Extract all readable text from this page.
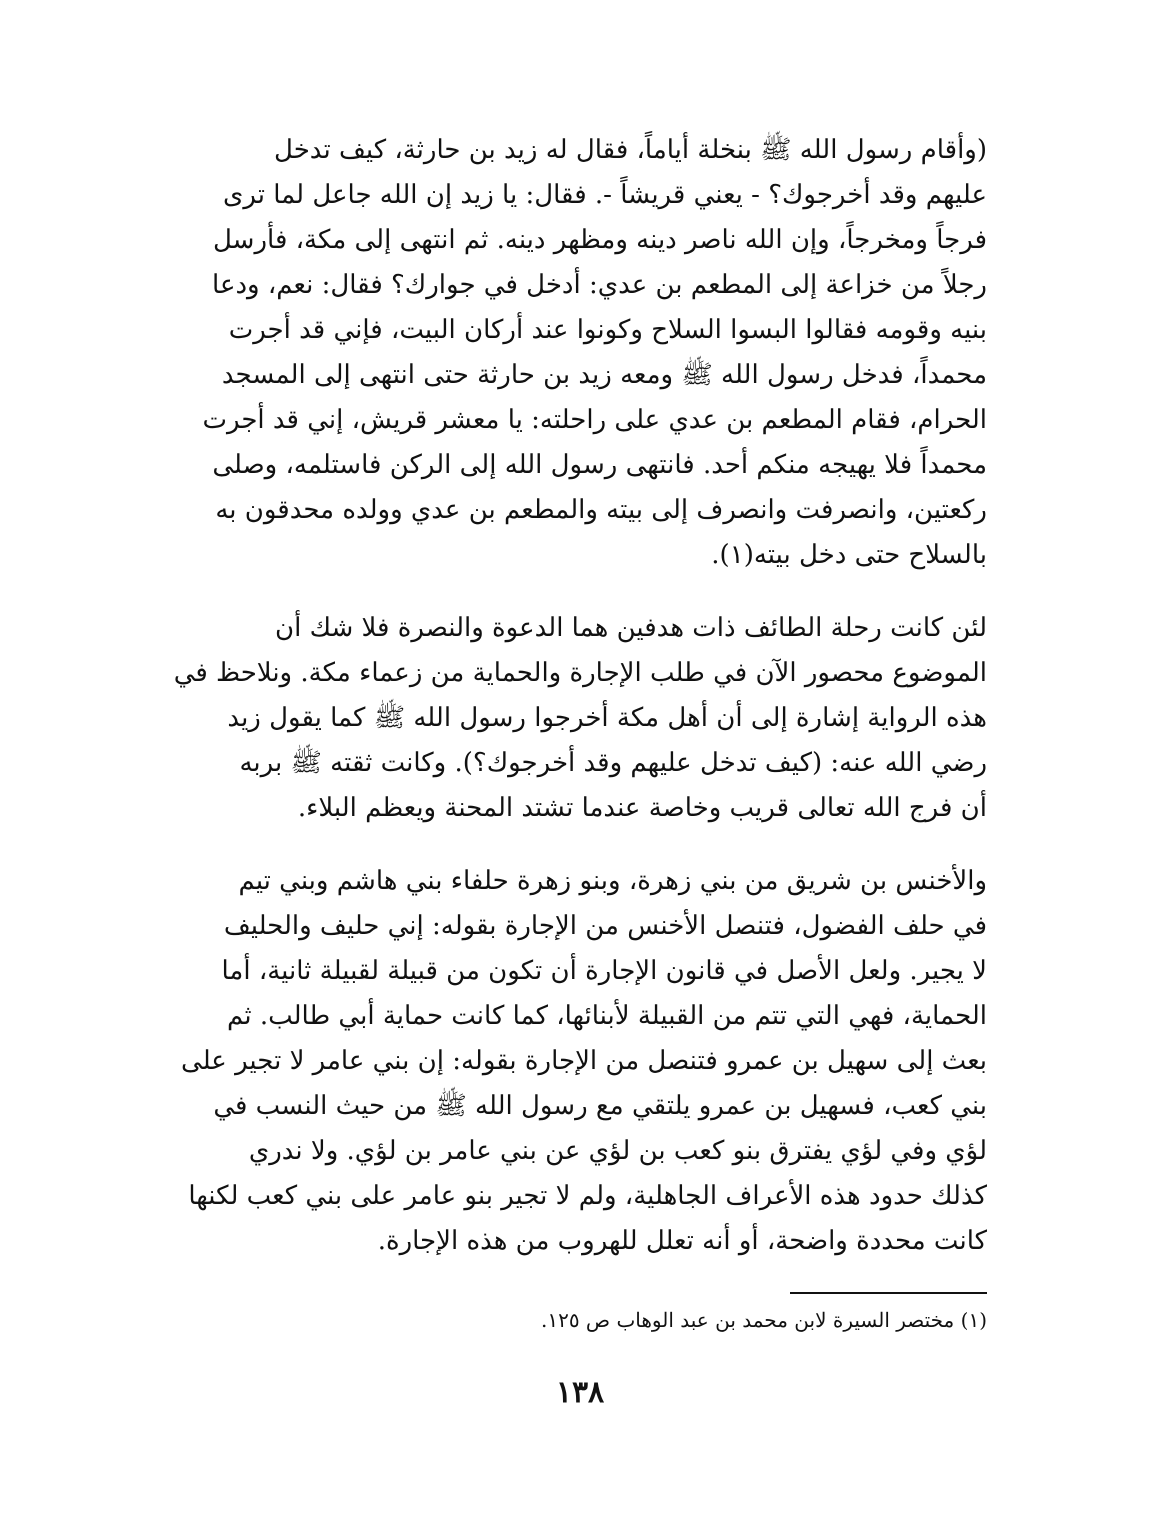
(وأقام رسول الله ﷺ بنخلة أياماً، فقال له زيد بن حارثة، كيف تدخل
عليهم وقد أخرجوك؟ - يعني قريشاً -. فقال: يا زيد إن الله جاعل لما ترى
فرجاً ومخرجاً، وإن الله ناصر دينه ومظهر دينه. ثم انتهى إلى مكة، فأرسل
رجلاً من خزاعة إلى المطعم بن عدي: أدخل في جوارك؟ فقال: نعم، ودعا
بنيه وقومه فقالوا البسوا السلاح وكونوا عند أركان البيت، فإني قد أجرت
محمداً، فدخل رسول الله ﷺ ومعه زيد بن حارثة حتى انتهى إلى المسجد
الحرام، فقام المطعم بن عدي على راحلته: يا معشر قريش، إني قد أجرت
محمداً فلا يهيجه منكم أحد. فانتهى رسول الله إلى الركن فاستلمه، وصلى
ركعتين، وانصرفت وانصرف إلى بيته والمطعم بن عدي وولده محدقون به
بالسلاح حتى دخل بيته(١).
لئن كانت رحلة الطائف ذات هدفين هما الدعوة والنصرة فلا شك أن
الموضوع محصور الآن في طلب الإجارة والحماية من زعماء مكة. ونلاحظ في
هذه الرواية إشارة إلى أن أهل مكة أخرجوا رسول الله ﷺ كما يقول زيد
رضي الله عنه: (كيف تدخل عليهم وقد أخرجوك؟). وكانت ثقته ﷺ بربه
أن فرج الله تعالى قريب وخاصة عندما تشتد المحنة ويعظم البلاء.
والأخنس بن شريق من بني زهرة، وبنو زهرة حلفاء بني هاشم وبني تيم
في حلف الفضول، فتنصل الأخنس من الإجارة بقوله: إني حليف والحليف
لا يجير. ولعل الأصل في قانون الإجارة أن تكون من قبيلة لقبيلة ثانية، أما
الحماية، فهي التي تتم من القبيلة لأبنائها، كما كانت حماية أبي طالب. ثم
بعث إلى سهيل بن عمرو فتنصل من الإجارة بقوله: إن بني عامر لا تجير على
بني كعب، فسهيل بن عمرو يلتقي مع رسول الله ﷺ من حيث النسب في
لؤي وفي لؤي يفترق بنو كعب بن لؤي عن بني عامر بن لؤي. ولا ندري
كذلك حدود هذه الأعراف الجاهلية، ولم لا تجير بنو عامر على بني كعب لكنها
كانت محددة واضحة، أو أنه تعلل للهروب من هذه الإجارة.

(١) مختصر السيرة لابن محمد بن عبد الوهاب ص ١٢٥.

١٣٨
